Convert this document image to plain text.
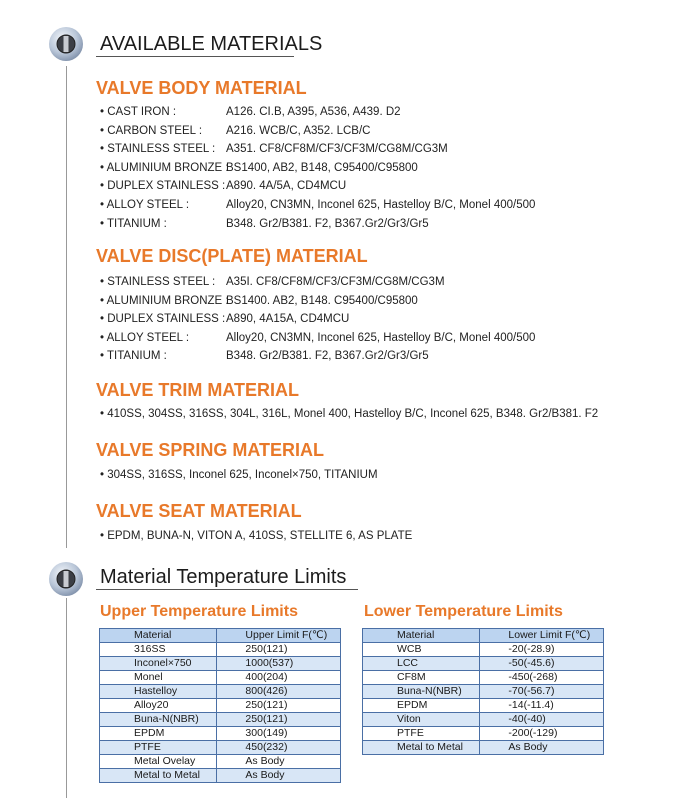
AVAILABLE MATERIALS
VALVE BODY MATERIAL
• CAST IRON :	A126. CI.B, A395, A536, A439. D2
• CARBON STEEL : A216. WCB/C, A352. LCB/C
• STAINLESS STEEL : A351. CF8/CF8M/CF3/CF3M/CG8M/CG3M
• ALUMINIUM BRONZE :
BS1400, AB2, B148, C95400/C95800
• DUPLEX STAINLESS : A890. 4A/5A, CD4MCU
• ALLOY STEEL :	Alloy20, CN3MN, Inconel 625, Hastelloy B/C, Monel 400/500
• TITANIUM :	B348. Gr2/B381. F2, B367.Gr2/Gr3/Gr5
VALVE DISC(PLATE) MATERIAL
• STAINLESS STEEL : A35I. CF8/CF8M/CF3/CF3M/CG8M/CG3M
• ALUMINIUM BRONZE :
BS1400. AB2, B148. C95400/C95800
• DUPLEX STAINLESS : A890, 4A15A, CD4MCU
• ALLOY STEEL :	Alloy20, CN3MN, Inconel 625, Hastelloy B/C, Monel 400/500
• TITANIUM :	B348. Gr2/B381. F2, B367.Gr2/Gr3/Gr5
VALVE TRIM MATERIAL
• 410SS, 304SS, 316SS, 304L, 316L, Monel 400, Hastelloy B/C, Inconel 625, B348. Gr2/B381. F2
VALVE SPRING MATERIAL
• 304SS, 316SS, Inconel 625, Inconel×750, TITANIUM
VALVE SEAT MATERIAL
• EPDM, BUNA-N, VITON A, 410SS, STELLITE 6, AS PLATE
Material Temperature Limits
Upper Temperature Limits
Material	Upper Limit F(℃)
316SS	250(121)
Inconel×750	1000(537)
Monel	400(204)
Hastelloy	800(426)
Alloy20	250(121)
Buna-N(NBR)	250(121)
EPDM	300(149)
PTFE	450(232)
Metal Ovelay	As Body
Metal to Metal	As Body
Lower Temperature Limits
Material	Lower Limit F(℃)
WCB	-20(-28.9)
LCC	-50(-45.6)
CF8M	-450(-268)
Buna-N(NBR)	-70(-56.7)
EPDM	-14(-11.4)
Viton	-40(-40)
PTFE	-200(-129)
Metal to Metal	As Body
